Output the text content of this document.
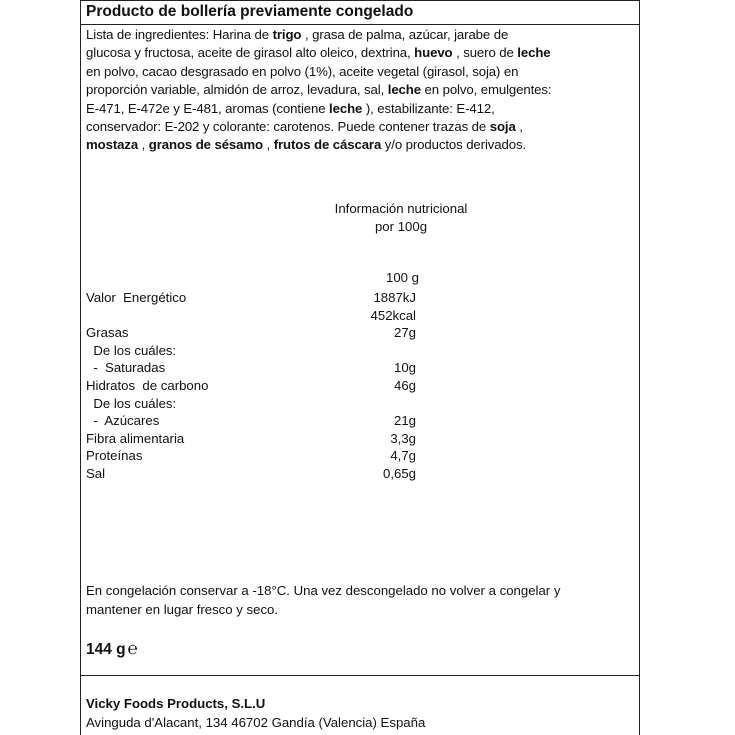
Producto de bollería previamente congelado
Lista de ingredientes: Harina de trigo , grasa de palma, azúcar, jarabe de
glucosa y fructosa, aceite de girasol alto oleico, dextrina, huevo , suero de leche
en polvo, cacao desgrasado en polvo (1%), aceite vegetal (girasol, soja) en
proporción variable, almidón de arroz, levadura, sal, leche en polvo, emulgentes:
E-471, E-472e y E-481, aromas (contiene leche ), estabilizante: E-412,
conservador: E-202 y colorante: carotenos. Puede contener trazas de soja ,
mostaza , granos de sésamo , frutos de cáscara y/o productos derivados.
Información nutricional
por 100g
100 g
Valor  Energético	1887kJ
452kcal
Grasas	27g
De los cuáles:
-  Saturadas	10g
Hidratos  de carbono	46g
De los cuáles:
-  Azúcares	21g
Fibra alimentaria	3,3g
Proteínas	4,7g
Sal	0,65g
En congelación conservar a -18°C. Una vez descongelado no volver a congelar y
mantener en lugar fresco y seco.
144 g ℮
Vicky Foods Products, S.L.U
Avinguda d'Alacant, 134 46702 Gandía (Valencia) España
